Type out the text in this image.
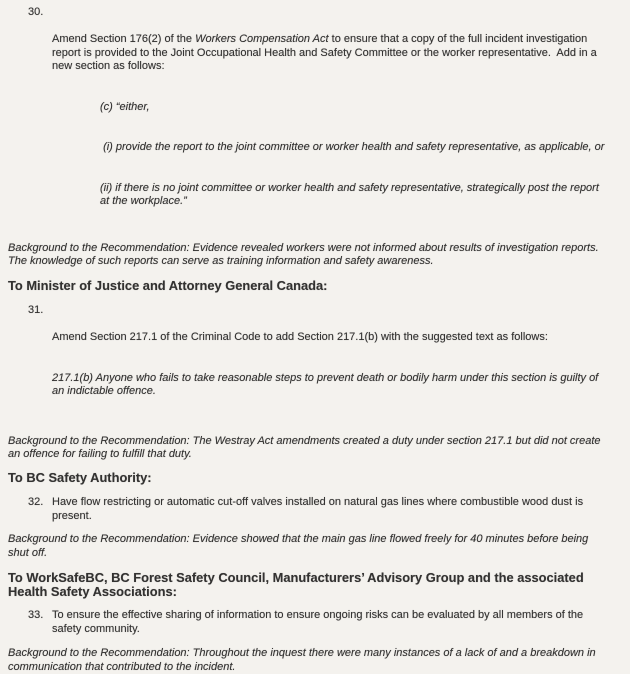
30.

Amend Section 176(2) of the Workers Compensation Act to ensure that a copy of the full incident investigation report is provided to the Joint Occupational Health and Safety Committee or the worker representative.  Add in a new section as follows:

(c) “either,

(i) provide the report to the joint committee or worker health and safety representative, as applicable, or

(ii) if there is no joint committee or worker health and safety representative, strategically post the report at the workplace.”

Background to the Recommendation: Evidence revealed workers were not informed about results of investigation reports.  The knowledge of such reports can serve as training information and safety awareness.

To Minister of Justice and Attorney General Canada:
31.

Amend Section 217.1 of the Criminal Code to add Section 217.1(b) with the suggested text as follows:

217.1(b) Anyone who fails to take reasonable steps to prevent death or bodily harm under this section is guilty of an indictable offence.

Background to the Recommendation: The Westray Act amendments created a duty under section 217.1 but did not create an offence for failing to fulfill that duty.

To BC Safety Authority:
32. Have flow restricting or automatic cut-off valves installed on natural gas lines where combustible wood dust is present.

Background to the Recommendation: Evidence showed that the main gas line flowed freely for 40 minutes before being shut off.

To WorkSafeBC, BC Forest Safety Council, Manufacturers’ Advisory Group and the associated Health Safety Associations:
33. To ensure the effective sharing of information to ensure ongoing risks can be evaluated by all members of the safety community.

Background to the Recommendation: Throughout the inquest there were many instances of a lack of and a breakdown in communication that contributed to the incident.
